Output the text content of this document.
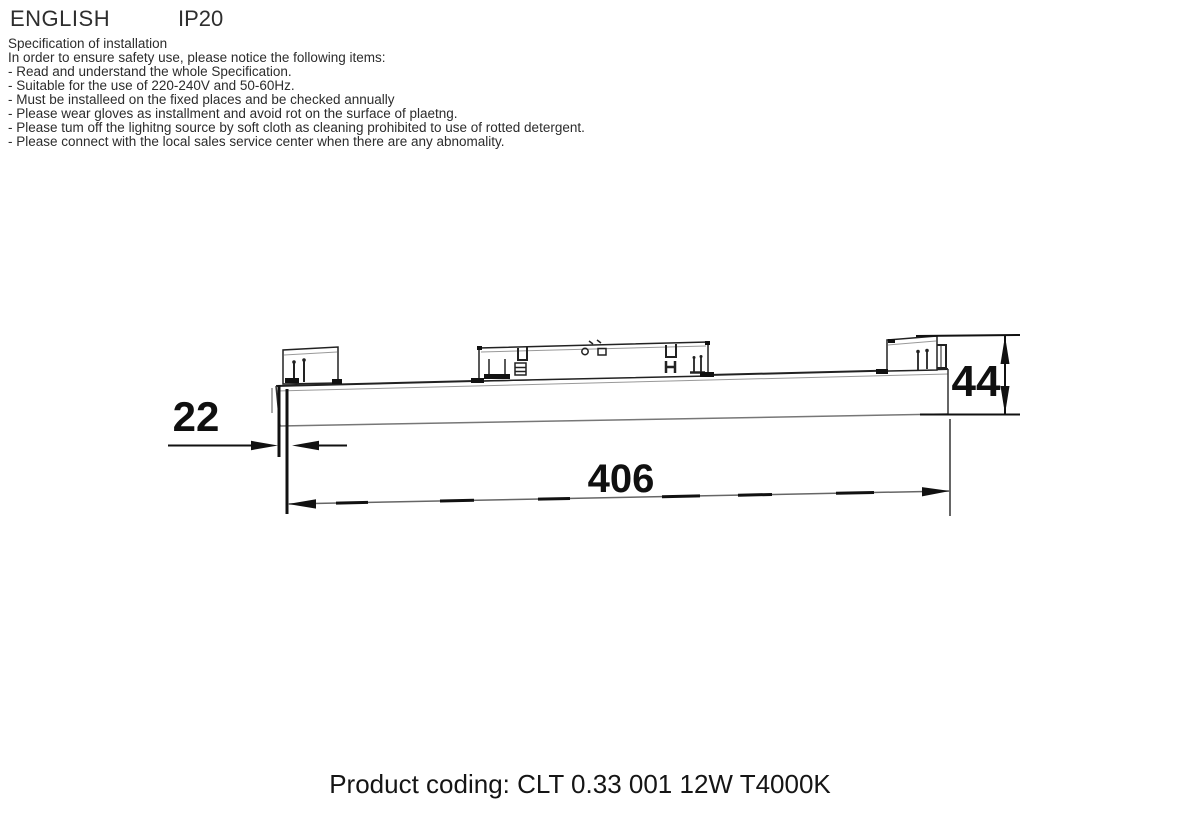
ENGLISH	IP20
Specification of installation
In order to ensure safety use, please notice the following items:
- Read and understand the whole Specification.
- Suitable for the use of 220-240V and 50-60Hz.
- Must be installeed on the fixed places and be checked annually
- Please wear gloves as installment and avoid rot on the surface of plaetng.
- Please tum off the lighitng source by soft cloth as cleaning prohibited to use of rotted detergent.
- Please connect with the local sales service center when there are any abnomality.
22
44
406
Product coding: CLT 0.33 001 12W T4000K
